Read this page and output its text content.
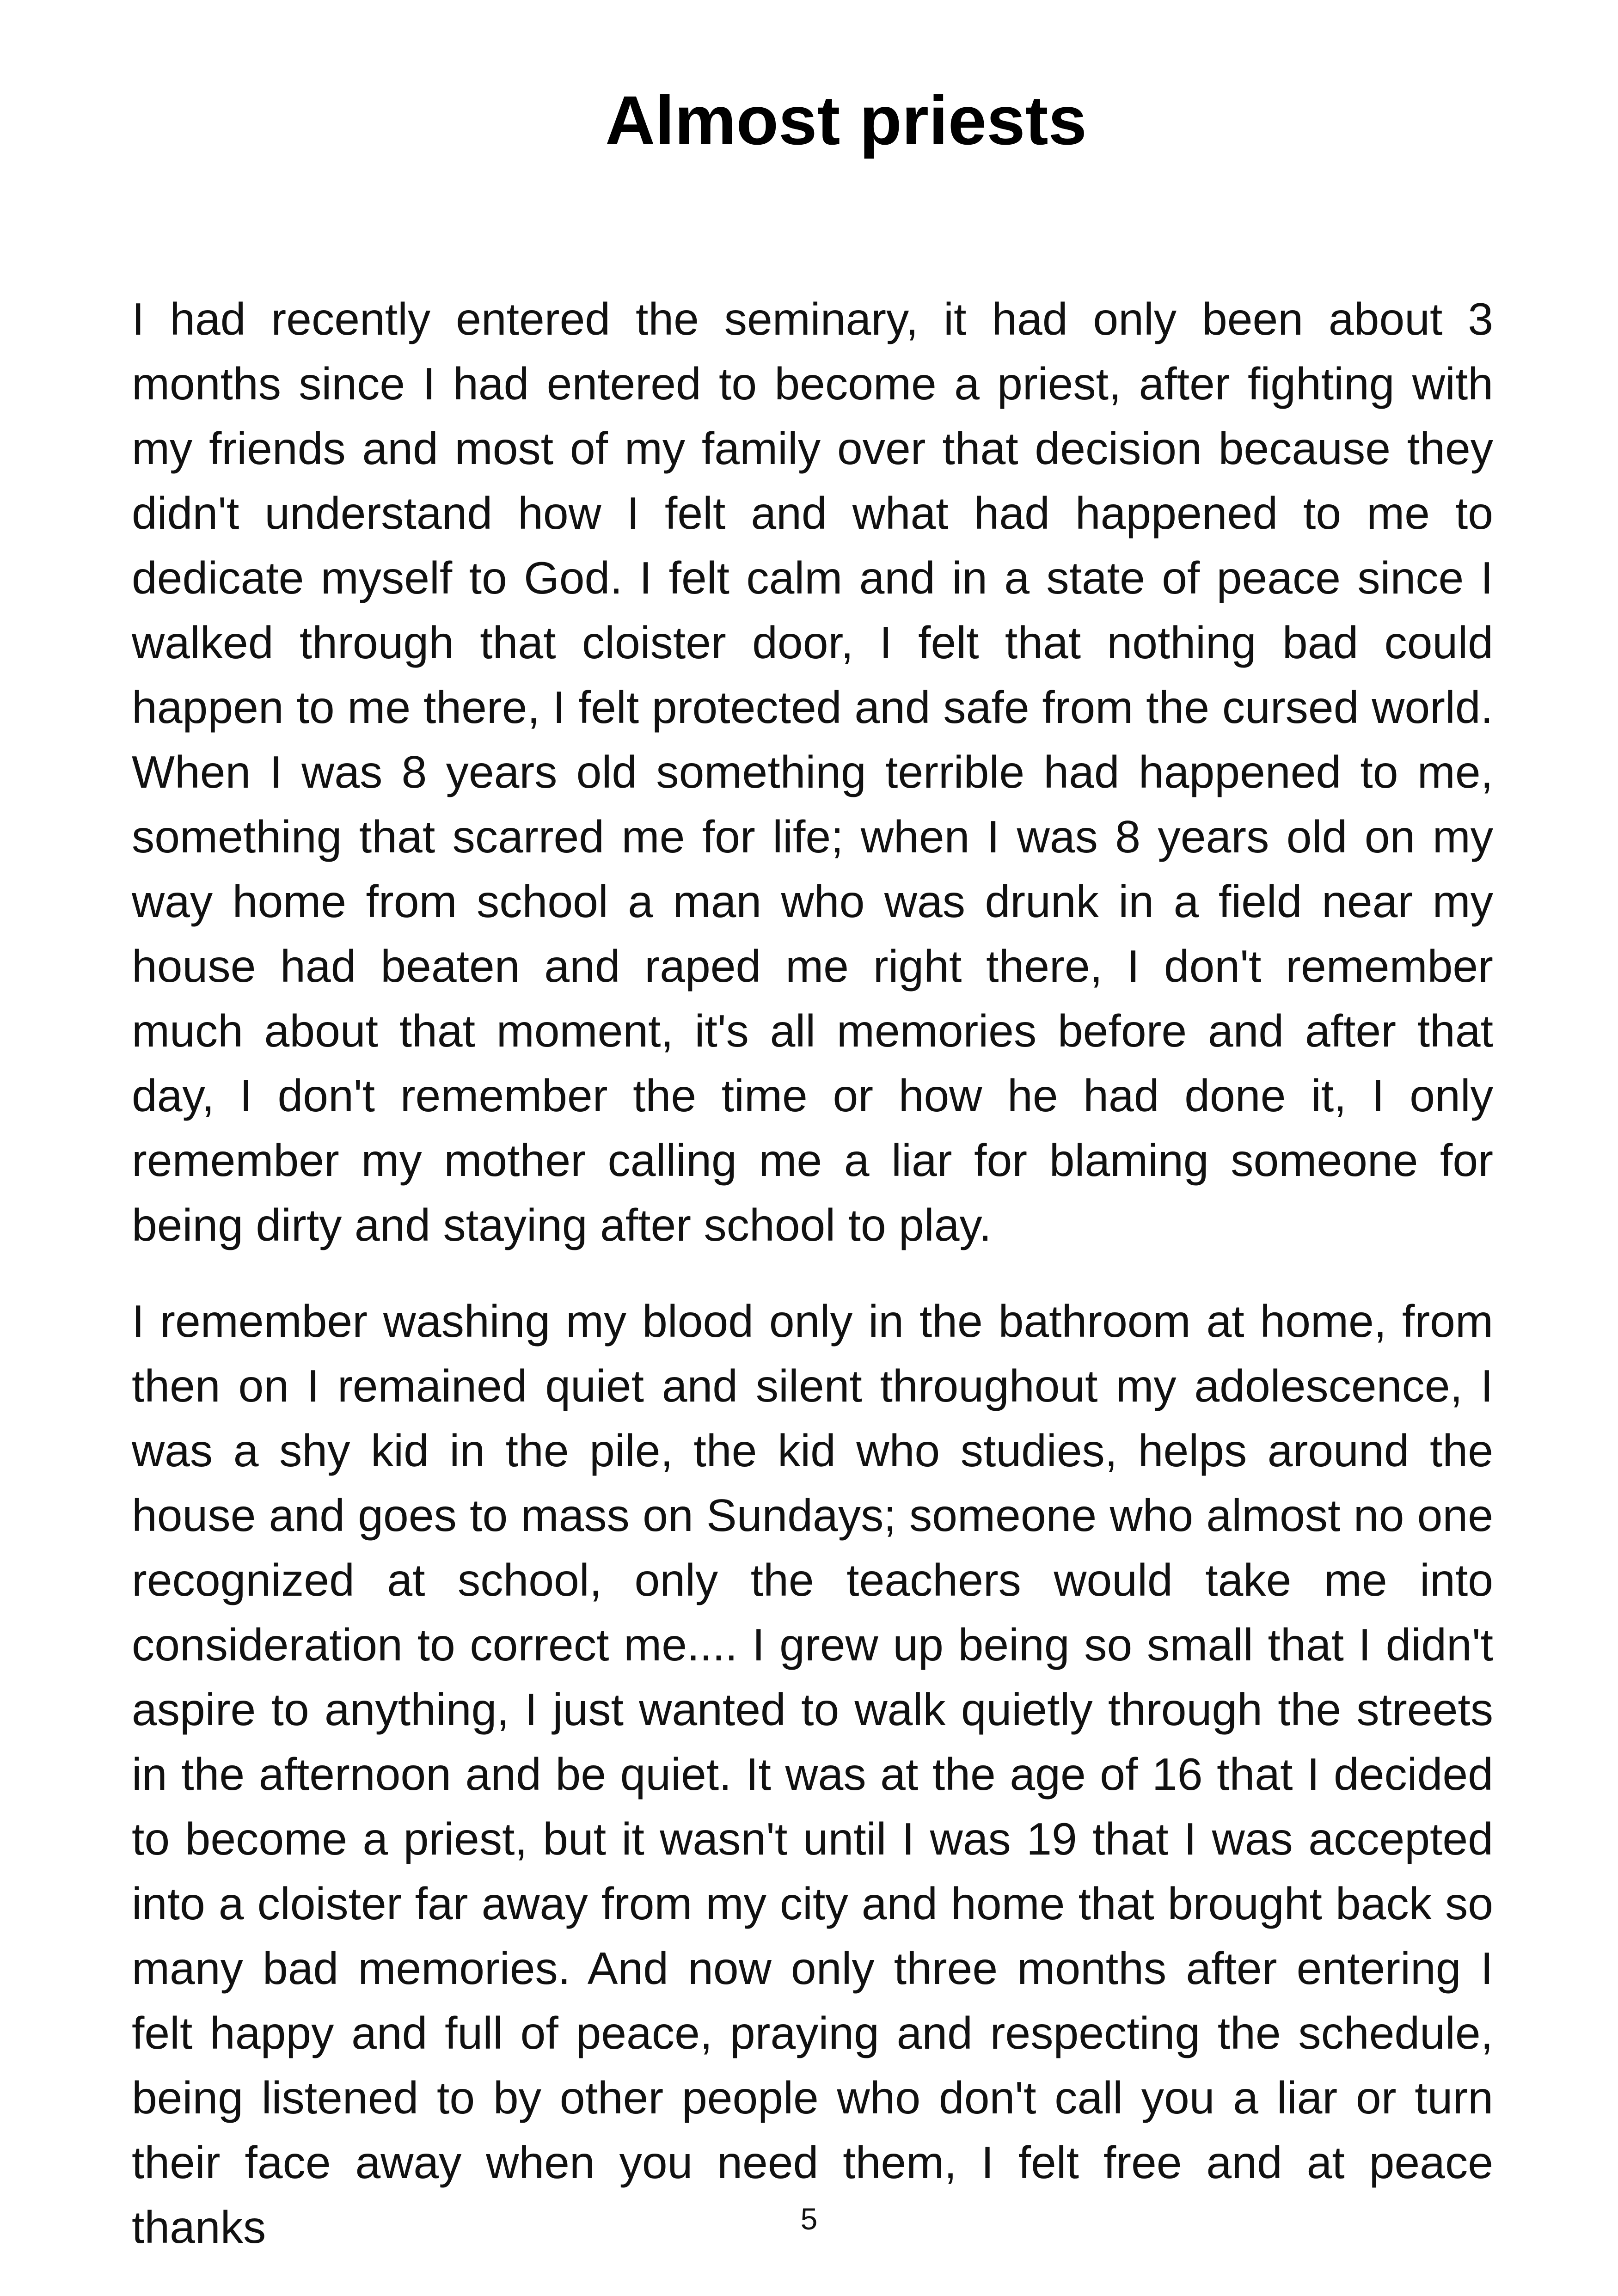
Almost priests

I had recently entered the seminary, it had only been about 3 months since I had entered to become a priest, after fighting with my friends and most of my family over that decision because they didn't understand how I felt and what had happened to me to dedicate myself to God. I felt calm and in a state of peace since I walked through that cloister door, I felt that nothing bad could happen to me there, I felt protected and safe from the cursed world. When I was 8 years old something terrible had happened to me, something that scarred me for life; when I was 8 years old on my way home from school a man who was drunk in a field near my house had beaten and raped me right there, I don't remember much about that moment, it's all memories before and after that day, I don't remember the time or how he had done it, I only remember my mother calling me a liar for blaming someone for being dirty and staying after school to play.

I remember washing my blood only in the bathroom at home, from then on I remained quiet and silent throughout my adolescence, I was a shy kid in the pile, the kid who studies, helps around the house and goes to mass on Sundays; someone who almost no one recognized at school, only the teachers would take me into consideration to correct me.... I grew up being so small that I didn't aspire to anything, I just wanted to walk quietly through the streets in the afternoon and be quiet. It was at the age of 16 that I decided to become a priest, but it wasn't until I was 19 that I was accepted into a cloister far away from my city and home that brought back so many bad memories. And now only three months after entering I felt happy and full of peace, praying and respecting the schedule, being listened to by other people who don't call you a liar or turn their face away when you need them, I felt free and at peace thanks	5
